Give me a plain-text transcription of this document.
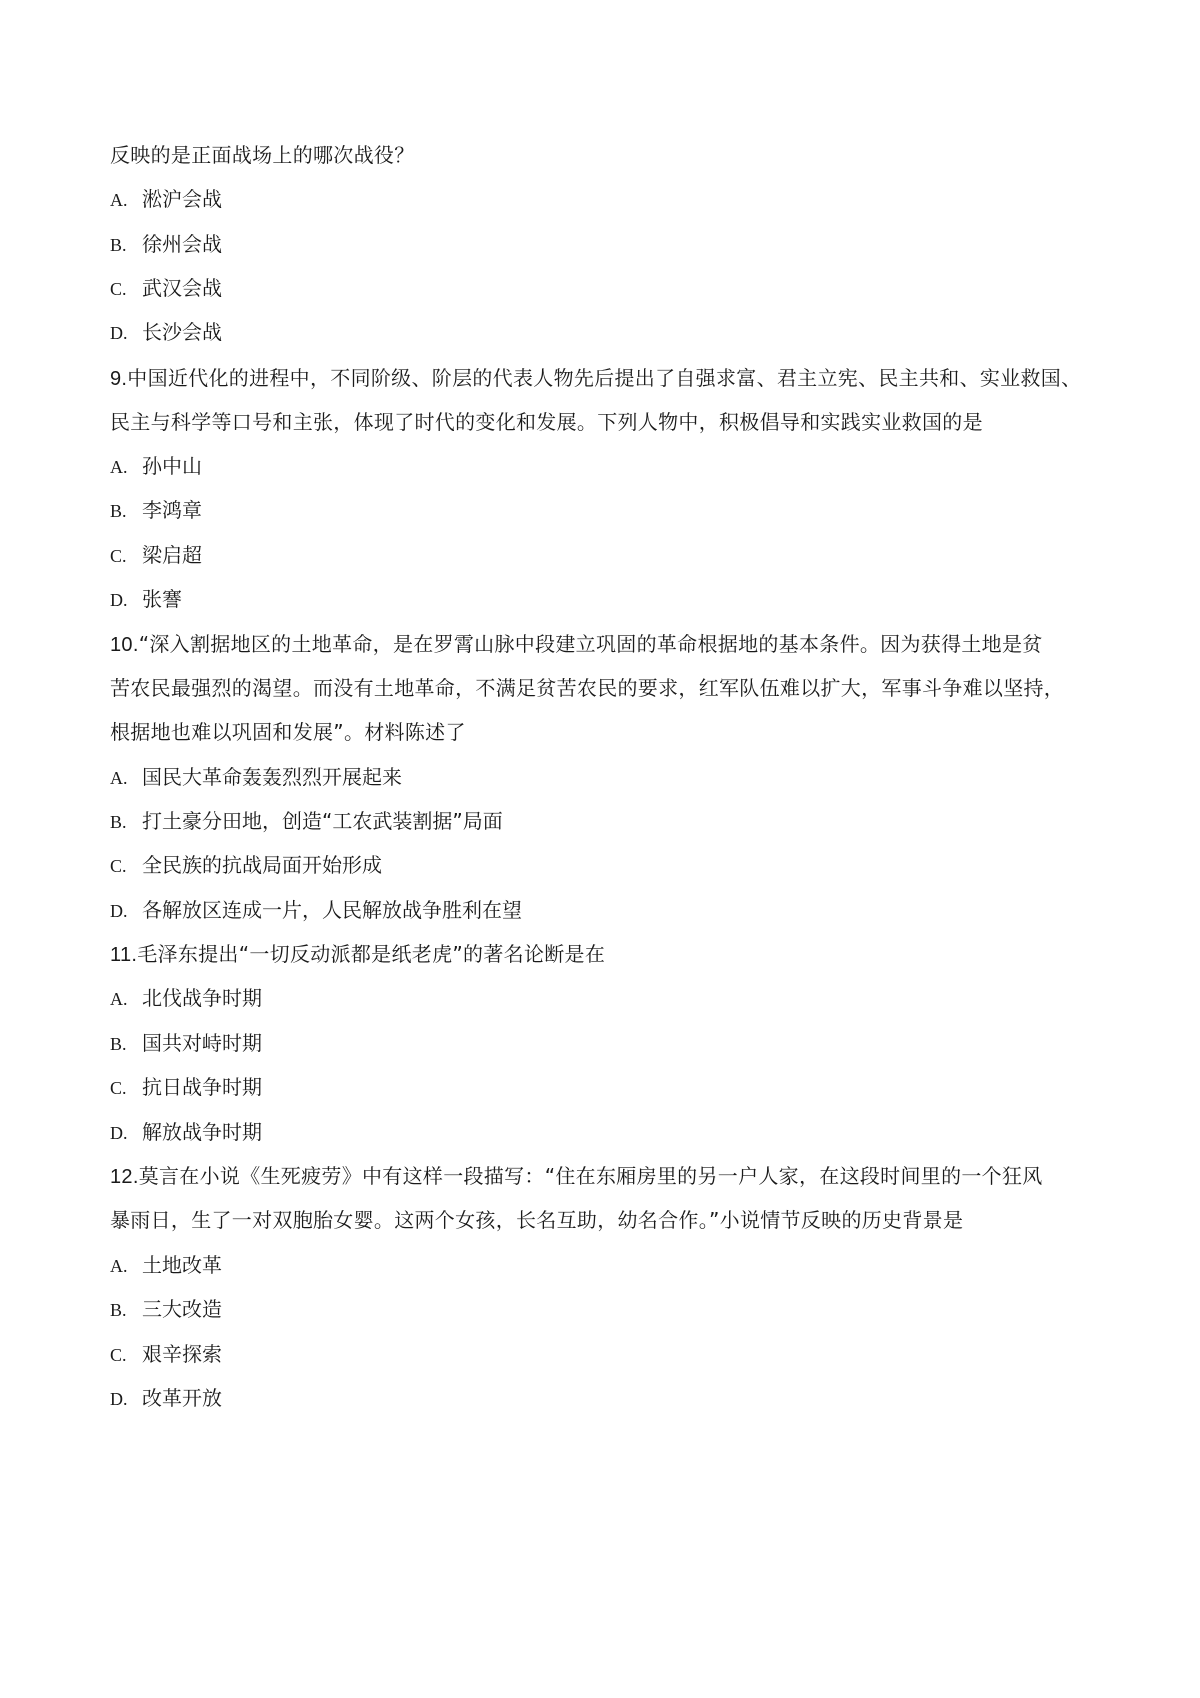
反映的是正面战场上的哪次战役？
A. 淞沪会战
B. 徐州会战
C. 武汉会战
D. 长沙会战
9.中国近代化的进程中，不同阶级、阶层的代表人物先后提出了自强求富、君主立宪、民主共和、实业救国、
民主与科学等口号和主张，体现了时代的变化和发展。下列人物中，积极倡导和实践实业救国的是
A. 孙中山
B. 李鸿章
C. 梁启超
D. 张謇
10.“深入割据地区的土地革命，是在罗霄山脉中段建立巩固的革命根据地的基本条件。因为获得土地是贫
苦农民最强烈的渴望。而没有土地革命，不满足贫苦农民的要求，红军队伍难以扩大，军事斗争难以坚持，
根据地也难以巩固和发展”。材料陈述了
A. 国民大革命轰轰烈烈开展起来
B. 打土豪分田地，创造“工农武装割据”局面
C. 全民族的抗战局面开始形成
D. 各解放区连成一片，人民解放战争胜利在望
11.毛泽东提出“一切反动派都是纸老虎”的著名论断是在
A. 北伐战争时期
B. 国共对峙时期
C. 抗日战争时期
D. 解放战争时期
12.莫言在小说《生死疲劳》中有这样一段描写：“住在东厢房里的另一户人家，在这段时间里的一个狂风
暴雨日，生了一对双胞胎女婴。这两个女孩，长名互助，幼名合作。”小说情节反映的历史背景是
A. 土地改革
B. 三大改造
C. 艰辛探索
D. 改革开放
